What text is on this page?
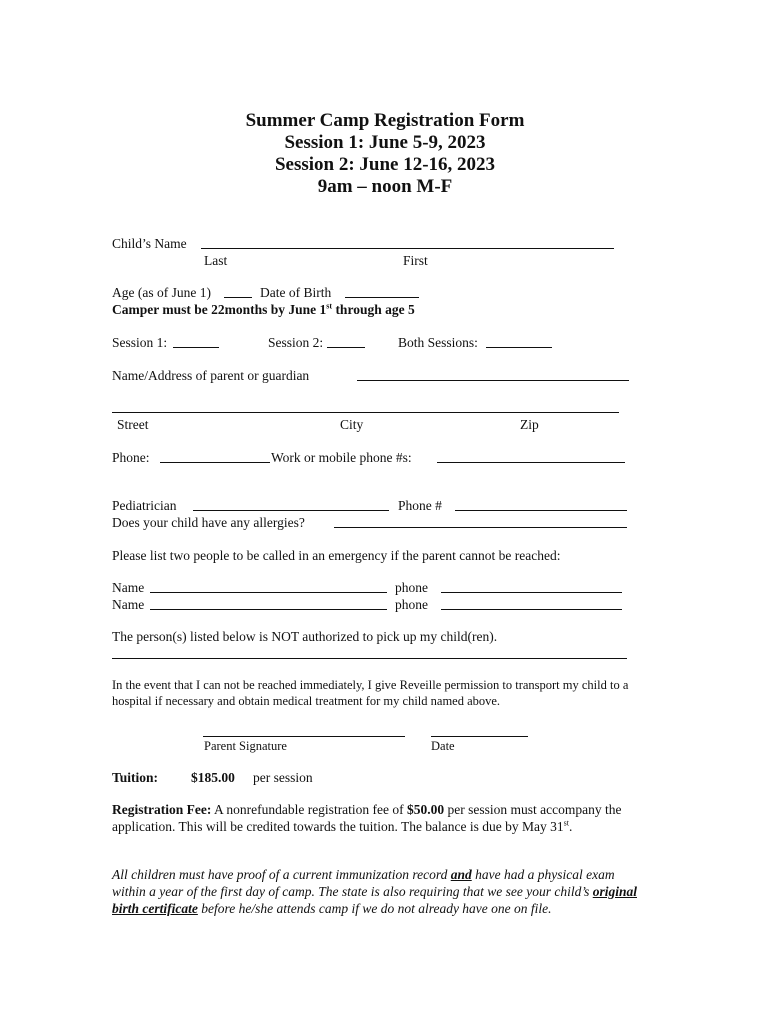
Summer Camp Registration Form
Session 1: June 5-9, 2023
Session 2: June 12-16, 2023
9am – noon M-F
Child’s Name
Last	First
Age (as of June 1)	Date of Birth
Camper must be 22months by June 1st through age 5
Session 1:	Session 2:	Both Sessions:
Name/Address of parent or guardian
Street	City	Zip
Phone:	Work or mobile phone #s:
Pediatrician	Phone #
Does your child have any allergies?
Please list two people to be called in an emergency if the parent cannot be reached:
Name	phone
Name	phone
The person(s) listed below is NOT authorized to pick up my child(ren).
In the event that I can not be reached immediately, I give Reveille permission to transport my child to a hospital if necessary and obtain medical treatment for my child named above.
Parent Signature	Date
Tuition: $185.00 per session
Registration Fee: A nonrefundable registration fee of $50.00 per session must accompany the application. This will be credited towards the tuition. The balance is due by May 31st.
All children must have proof of a current immunization record and have had a physical exam within a year of the first day of camp. The state is also requiring that we see your child’s original birth certificate before he/she attends camp if we do not already have one on file.
